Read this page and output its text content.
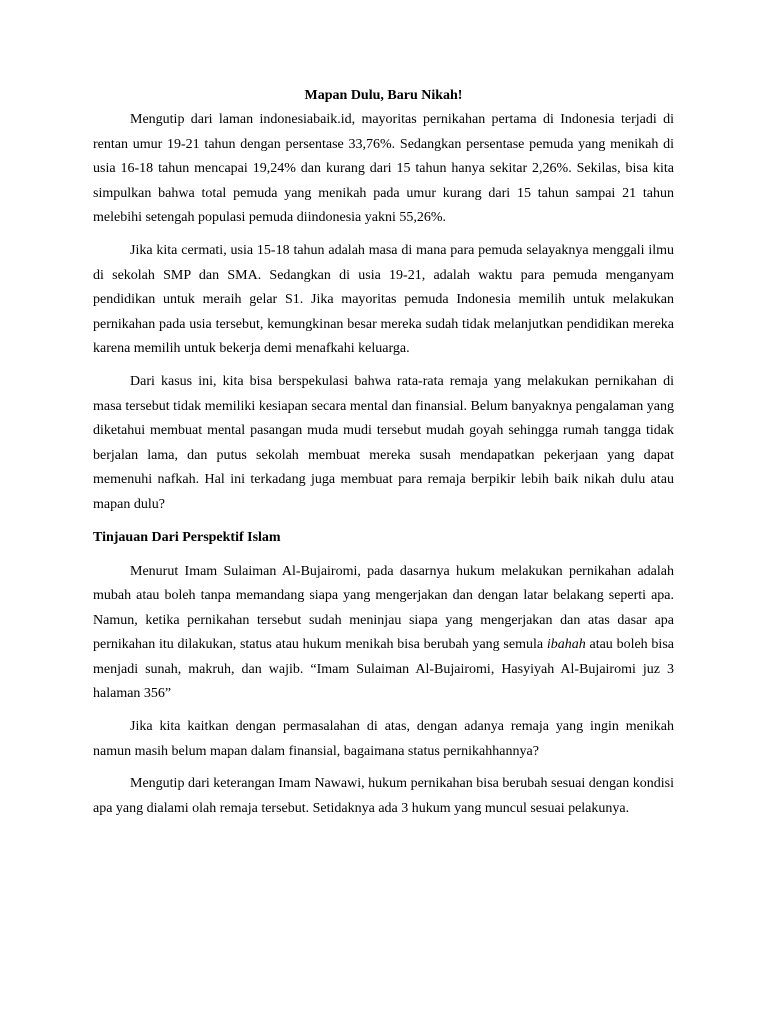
Mapan Dulu, Baru Nikah!

Mengutip dari laman indonesiabaik.id, mayoritas pernikahan pertama di Indonesia terjadi di rentan umur 19-21 tahun dengan persentase 33,76%. Sedangkan persentase pemuda yang menikah di usia 16-18 tahun mencapai 19,24% dan kurang dari 15 tahun hanya sekitar 2,26%. Sekilas, bisa kita simpulkan bahwa total pemuda yang menikah pada umur kurang dari 15 tahun sampai 21 tahun melebihi setengah populasi pemuda diindonesia yakni 55,26%.

Jika kita cermati, usia 15-18 tahun adalah masa di mana para pemuda selayaknya menggali ilmu di sekolah SMP dan SMA. Sedangkan di usia 19-21, adalah waktu para pemuda menganyam pendidikan untuk meraih gelar S1. Jika mayoritas pemuda Indonesia memilih untuk melakukan pernikahan pada usia tersebut, kemungkinan besar mereka sudah tidak melanjutkan pendidikan mereka karena memilih untuk bekerja demi menafkahi keluarga.

Dari kasus ini, kita bisa berspekulasi bahwa rata-rata remaja yang melakukan pernikahan di masa tersebut tidak memiliki kesiapan secara mental dan finansial. Belum banyaknya pengalaman yang diketahui membuat mental pasangan muda mudi tersebut mudah goyah sehingga rumah tangga tidak berjalan lama, dan putus sekolah membuat mereka susah mendapatkan pekerjaan yang dapat memenuhi nafkah. Hal ini terkadang juga membuat para remaja berpikir lebih baik nikah dulu atau mapan dulu?

Tinjauan Dari Perspektif Islam

Menurut Imam Sulaiman Al-Bujairomi, pada dasarnya hukum melakukan pernikahan adalah mubah atau boleh tanpa memandang siapa yang mengerjakan dan dengan latar belakang seperti apa. Namun, ketika pernikahan tersebut sudah meninjau siapa yang mengerjakan dan atas dasar apa pernikahan itu dilakukan, status atau hukum menikah bisa berubah yang semula ibahah atau boleh bisa menjadi sunah, makruh, dan wajib. “Imam Sulaiman Al-Bujairomi, Hasyiyah Al-Bujairomi juz 3 halaman 356”

Jika kita kaitkan dengan permasalahan di atas, dengan adanya remaja yang ingin menikah namun masih belum mapan dalam finansial, bagaimana status pernikahhannya?

Mengutip dari keterangan Imam Nawawi, hukum pernikahan bisa berubah sesuai dengan kondisi apa yang dialami olah remaja tersebut. Setidaknya ada 3 hukum yang muncul sesuai pelakunya.
